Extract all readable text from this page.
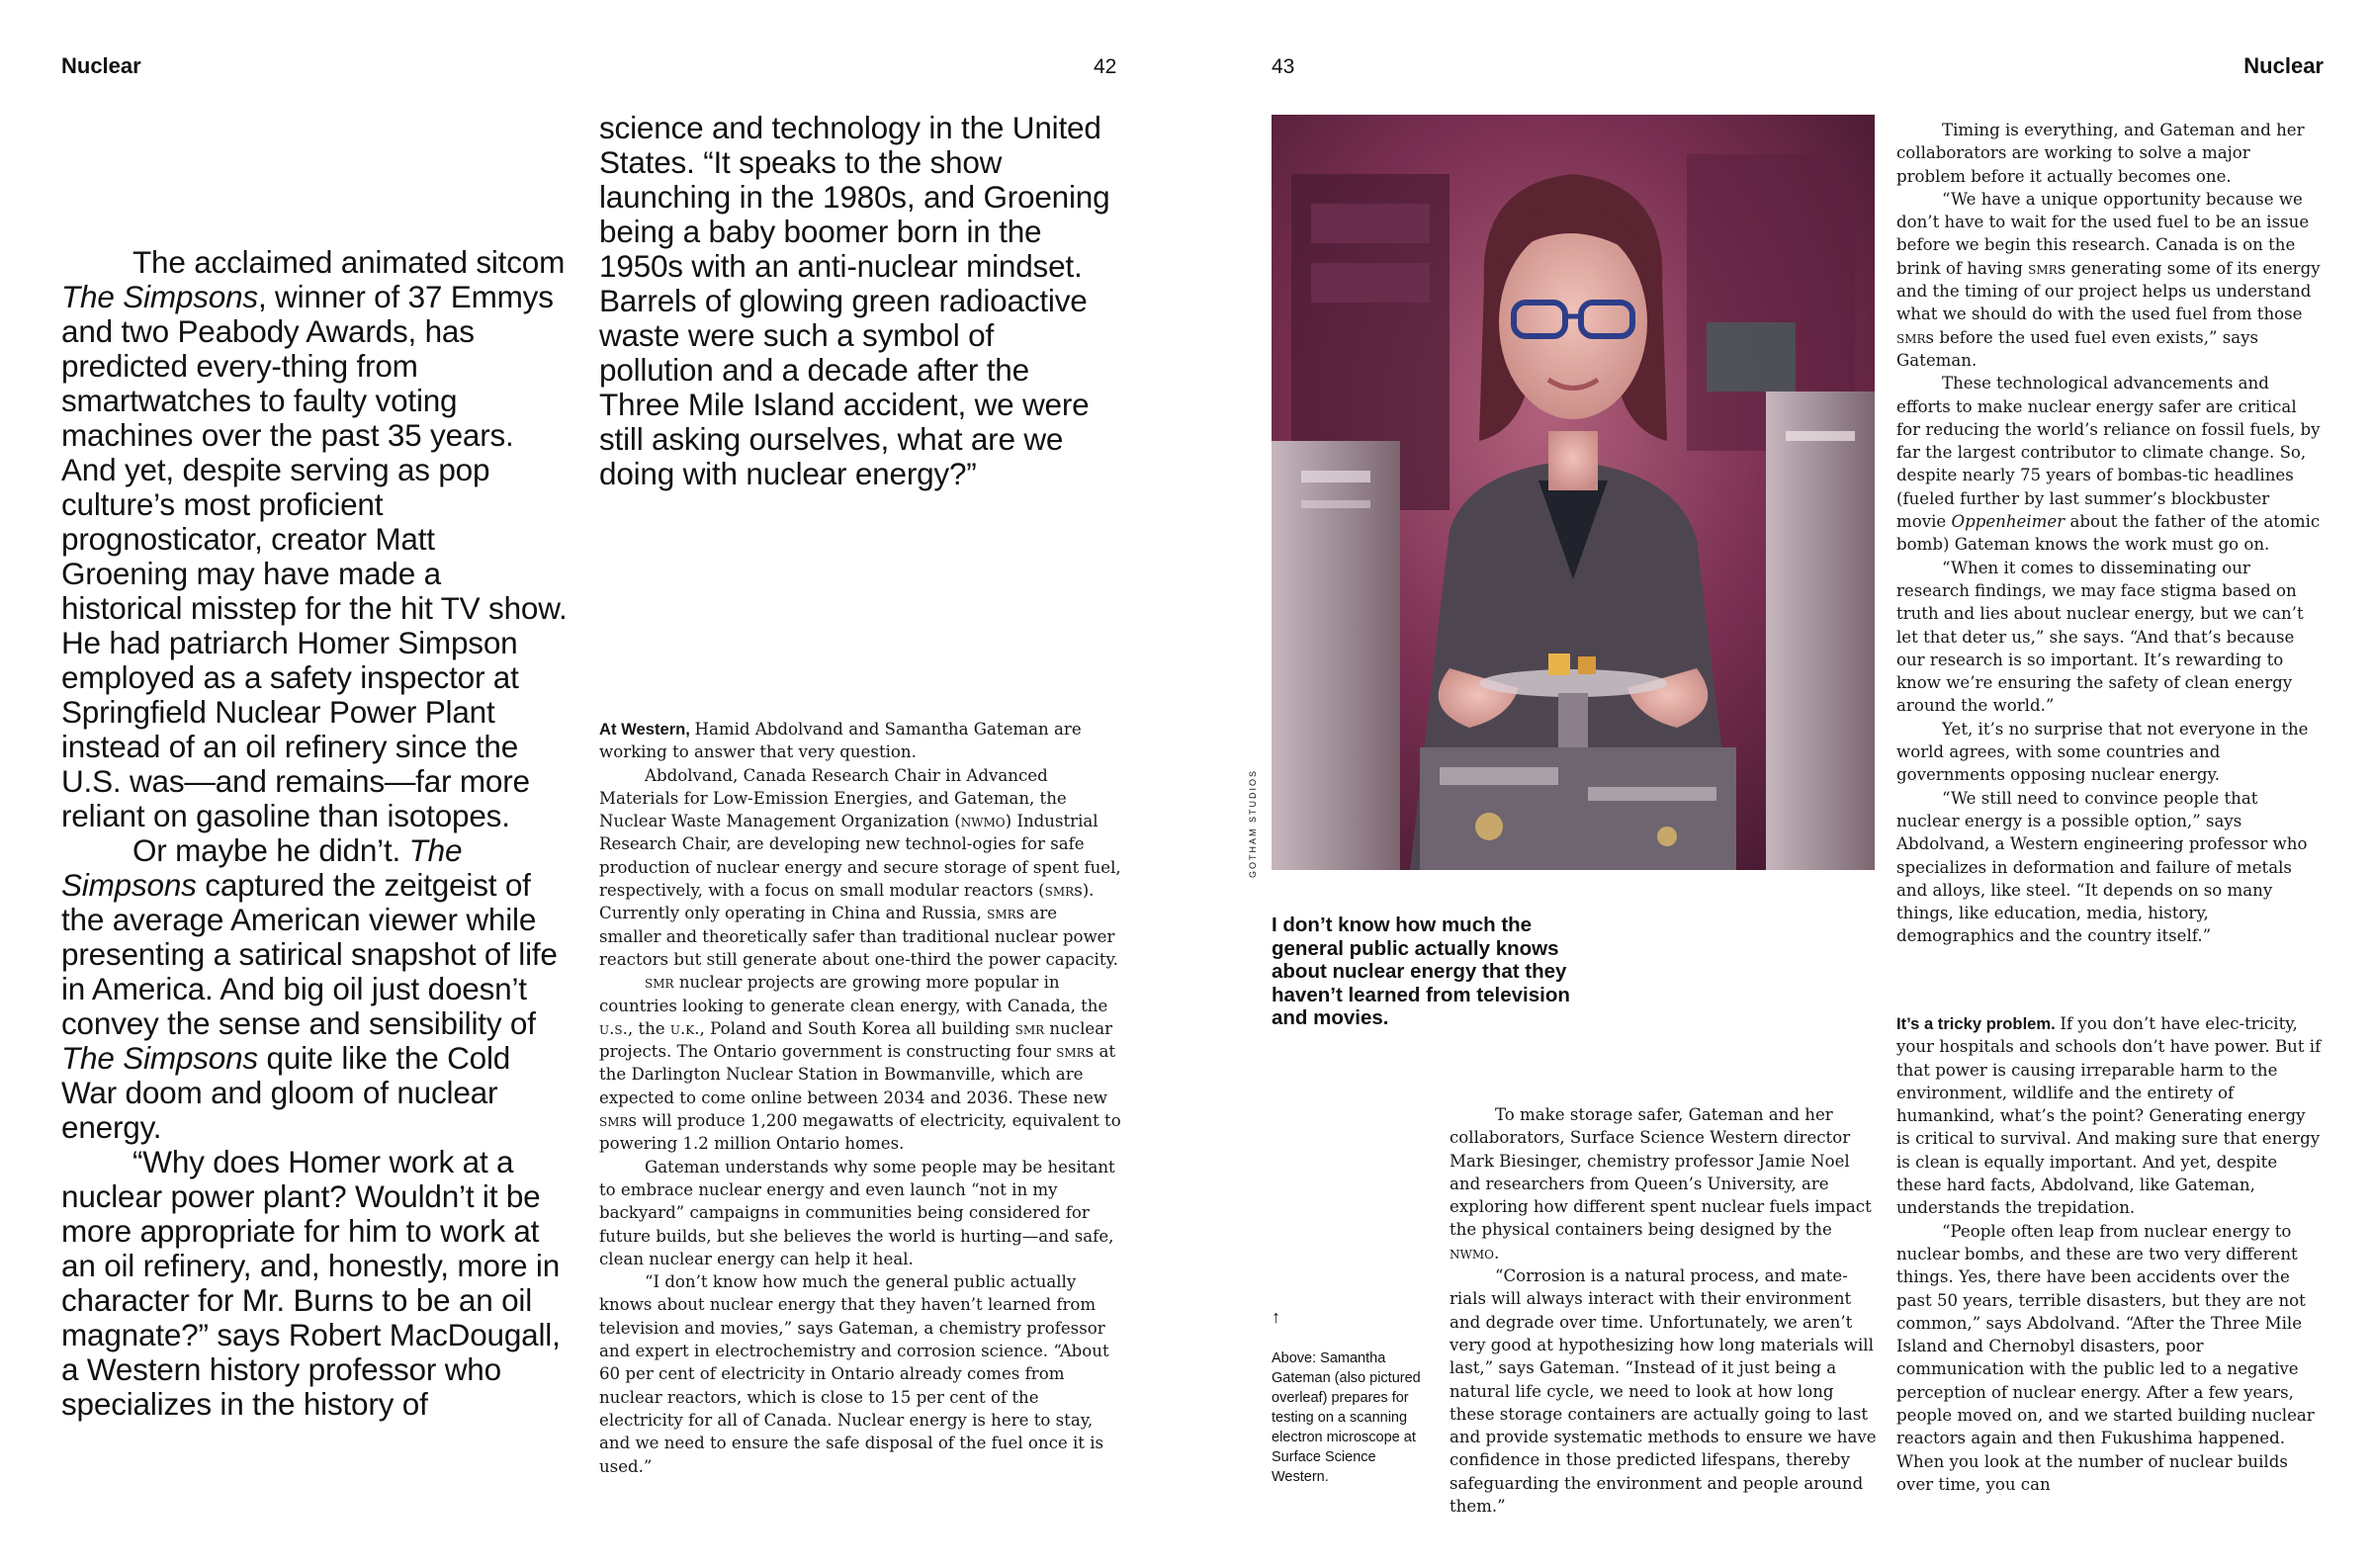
Nuclear	42

The acclaimed animated sitcom The Simpsons, winner of 37 Emmys and two Peabody Awards, has predicted every-thing from smartwatches to faulty voting machines over the past 35 years. And yet, despite serving as pop culture’s most proficient prognosticator, creator Matt Groening may have made a historical misstep for the hit TV show. He had patriarch Homer Simpson employed as a safety inspector at Springfield Nuclear Power Plant instead of an oil refinery since the U.S. was—and remains—far more reliant on gasoline than isotopes.

Or maybe he didn’t. The Simpsons captured the zeitgeist of the average American viewer while presenting a satirical snapshot of life in America. And big oil just doesn’t convey the sense and sensibility of The Simpsons quite like the Cold War doom and gloom of nuclear energy.

“Why does Homer work at a nuclear power plant? Wouldn’t it be more appropriate for him to work at an oil refinery, and, honestly, more in character for Mr. Burns to be an oil magnate?” says Robert MacDougall, a Western history professor who specializes in the history of

science and technology in the United States. “It speaks to the show launching in the 1980s, and Groening being a baby boomer born in the 1950s with an anti-nuclear mindset. Barrels of glowing green radioactive waste were such a symbol of pollution and a decade after the Three Mile Island accident, we were still asking ourselves, what are we doing with nuclear energy?”

At Western, Hamid Abdolvand and Samantha Gateman are working to answer that very question.

Abdolvand, Canada Research Chair in Advanced Materials for Low-Emission Energies, and Gateman, the Nuclear Waste Management Organization (nwmo) Industrial Research Chair, are developing new technol-ogies for safe production of nuclear energy and secure storage of spent fuel, respectively, with a focus on small modular reactors (smrs). Currently only operating in China and Russia, smrs are smaller and theoretically safer than traditional nuclear power reactors but still generate about one-third the power capacity.

smr nuclear projects are growing more popular in countries looking to generate clean energy, with Canada, the u.s., the u.k., Poland and South Korea all building smr nuclear projects. The Ontario government is constructing four smrs at the Darlington Nuclear Station in Bowmanville, which are expected to come online between 2034 and 2036. These new smrs will produce 1,200 megawatts of electricity, equivalent to powering 1.2 million Ontario homes.

Gateman understands why some people may be hesitant to embrace nuclear energy and even launch “not in my backyard” campaigns in communities being considered for future builds, but she believes the world is hurting—and safe, clean nuclear energy can help it heal.

“I don’t know how much the general public actually knows about nuclear energy that they haven’t learned from television and movies,” says Gateman, a chemistry professor and expert in electrochemistry and corrosion science. “About 60 per cent of electricity in Ontario already comes from nuclear reactors, which is close to 15 per cent of the electricity for all of Canada. Nuclear energy is here to stay, and we need to ensure the safe disposal of the fuel once it is used.”

43	Nuclear
GOTHAM STUDIOS
I don’t know how much the general public actually knows about nuclear energy that they haven’t learned from television and movies.
↑
Above: Samantha Gateman (also pictured overleaf) prepares for testing on a scanning electron microscope at Surface Science Western.

To make storage safer, Gateman and her collaborators, Surface Science Western director Mark Biesinger, chemistry professor Jamie Noel and researchers from Queen’s University, are exploring how different spent nuclear fuels impact the physical containers being designed by the nwmo.

“Corrosion is a natural process, and mate-rials will always interact with their environment and degrade over time. Unfortunately, we aren’t very good at hypothesizing how long materials will last,” says Gateman. “Instead of it just being a natural life cycle, we need to look at how long these storage containers are actually going to last and provide systematic methods to ensure we have confidence in those predicted lifespans, thereby safeguarding the environment and people around them.”

Timing is everything, and Gateman and her collaborators are working to solve a major problem before it actually becomes one.

“We have a unique opportunity because we don’t have to wait for the used fuel to be an issue before we begin this research. Canada is on the brink of having smrs generating some of its energy and the timing of our project helps us understand what we should do with the used fuel from those smrs before the used fuel even exists,” says Gateman.

These technological advancements and efforts to make nuclear energy safer are critical for reducing the world’s reliance on fossil fuels, by far the largest contributor to climate change. So, despite nearly 75 years of bombas-tic headlines (fueled further by last summer’s blockbuster movie Oppenheimer about the father of the atomic bomb) Gateman knows the work must go on.

“When it comes to disseminating our research findings, we may face stigma based on truth and lies about nuclear energy, but we can’t let that deter us,” she says. “And that’s because our research is so important. It’s rewarding to know we’re ensuring the safety of clean energy around the world.”

Yet, it’s no surprise that not everyone in the world agrees, with some countries and governments opposing nuclear energy.

“We still need to convince people that nuclear energy is a possible option,” says Abdolvand, a Western engineering professor who specializes in deformation and failure of metals and alloys, like steel. “It depends on so many things, like education, media, history, demographics and the country itself.”

It’s a tricky problem. If you don’t have elec-tricity, your hospitals and schools don’t have power. But if that power is causing irreparable harm to the environment, wildlife and the entirety of humankind, what’s the point? Generating energy is critical to survival. And making sure that energy is clean is equally important. And yet, despite these hard facts, Abdolvand, like Gateman, understands the trepidation.

“People often leap from nuclear energy to nuclear bombs, and these are two very different things. Yes, there have been accidents over the past 50 years, terrible disasters, but they are not common,” says Abdolvand. “After the Three Mile Island and Chernobyl disasters, poor communication with the public led to a negative perception of nuclear energy. After a few years, people moved on, and we started building nuclear reactors again and then Fukushima happened. When you look at the number of nuclear builds over time, you can
